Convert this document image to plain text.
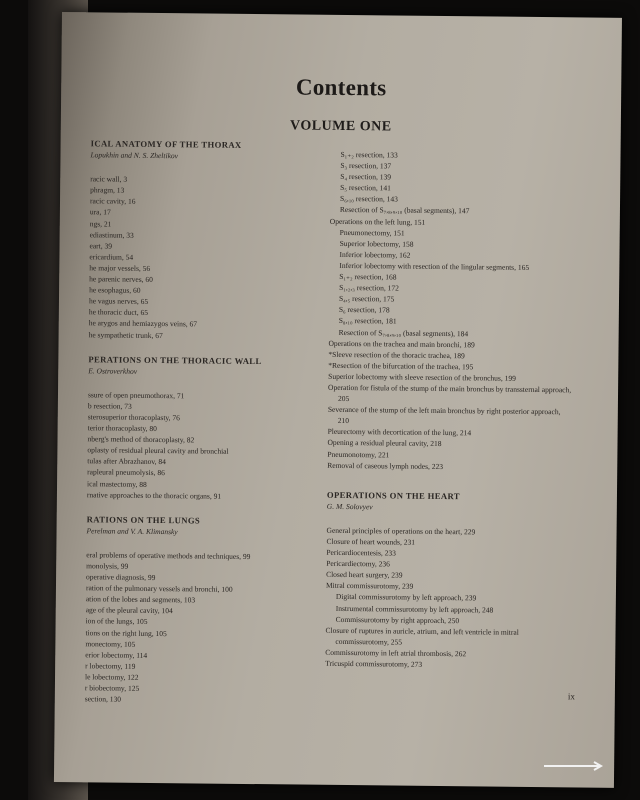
Contents
VOLUME ONE
ICAL ANATOMY OF THE THORAX
Lopukhin and N. S. Zheltikov
racic wall, 3
phragm, 13
racic cavity, 16
ura, 17
ngs, 21
ediastinum, 33
eart, 39
ericardium, 54
he major vessels, 56
he parenic nerves, 60
he esophagus, 60
he vagus nerves, 65
he thoracic duct, 65
he arygos and hemiazygos veins, 67
he sympathetic trunk, 67
PERATIONS ON THE THORACIC WALL
E. Ostroverkhov
ssure of open pneumothorax, 71
b resection, 73
sterosuperior thoracoplasty, 76
terior thoracoplasty, 80
nberg's method of thoracoplasty, 82
oplasty of residual pleural cavity and bronchial
tulas after Abrazhanov, 84
rapleural pneumolysis, 86
ical mastectomy, 88
rnative approaches to the thoracic organs, 91
RATIONS ON THE LUNGS
Perelman and V. A. Klimansky
eral problems of operative methods and techniques, 99
monolysis, 99
operative diagnosis, 99
ration of the pulmonary vessels and bronchi, 100
ation of the lobes and segments, 103
age of the pleural cavity, 104
ion of the lungs, 105
tions on the right lung, 105
monectomy, 105
erior lobectomy, 114
r lobectomy, 119
le lobectomy, 122
r biobectomy, 125
section, 130
S₁₊₂ resection, 133
S₃ resection, 137
S₄ resection, 139
S₅ resection, 141
S₆,₁₀ resection, 143
Resection of S₇,₈,₉,₁₀ (basal segments), 147
Operations on the left lung, 151
Pneumonectomy, 151
Superior lobectomy, 158
Inferior lobectomy, 162
Inferior lobectomy with resection of the lingular segments, 165
S₁₊₂ resection, 168
S₁,₂,₃ resection, 172
S₄,₅ resection, 175
S₆ resection, 178
S₈,₁₀ resection, 181
Resection of S₇,₈,₉,₁₀ (basal segments), 184
Operations on the trachea and main bronchi, 189
*Sleeve resection of the thoracic trachea, 189
*Resection of the bifurcation of the trachea, 195
Superior lobectomy with sleeve resection of the bronchus, 199
Operation for fistula of the stump of the main bronchus by transsternal approach, 205
Severance of the stump of the left main bronchus by right posterior approach, 210
Pleurectomy with decortication of the lung, 214
Opening a residual pleural cavity, 218
Pneumonotomy, 221
Removal of caseous lymph nodes, 223
OPERATIONS ON THE HEART
G. M. Solovyev
General principles of operations on the heart, 229
Closure of heart wounds, 231
Pericardiocentesis, 233
Pericardiectomy, 236
Closed heart surgery, 239
Mitral commissurotomy, 239
Digital commissurotomy by left approach, 239
Instrumental commissurotomy by left approach, 248
Commissurotomy by right approach, 250
Closure of ruptures in auricle, atrium, and left ventricle in mitral commissurotomy, 255
Commissurotomy in left atrial thrombosis, 262
Tricuspid commissurotomy, 273
ix
